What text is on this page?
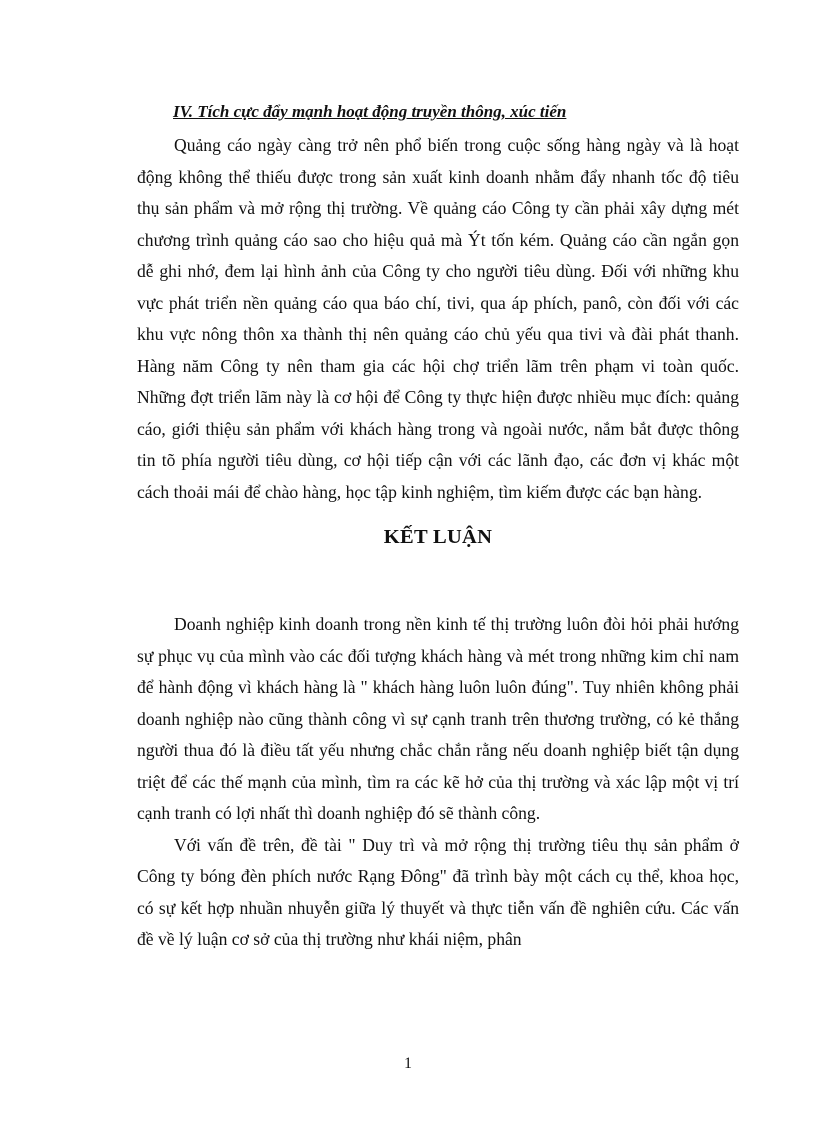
IV. Tích cực đẩy mạnh hoạt động truyền thông, xúc tiến

Quảng cáo ngày càng trở nên phổ biến trong cuộc sống hàng ngày và là hoạt động không thể thiếu được trong sản xuất kinh doanh nhằm đẩy nhanh tốc độ tiêu thụ sản phẩm và mở rộng thị trường. Về quảng cáo Công ty cần phải xây dựng mét chương trình quảng cáo sao cho hiệu quả mà Ýt tốn kém. Quảng cáo cần ngắn gọn dễ ghi nhớ, đem lại hình ảnh của Công ty cho người tiêu dùng. Đối với những khu vực phát triển nền quảng cáo qua báo chí, tivi, qua áp phích, panô, còn đối với các khu vực nông thôn xa thành thị nên quảng cáo chủ yếu qua tivi và đài phát thanh. Hàng năm Công ty nên tham gia các hội chợ triển lãm trên phạm vi toàn quốc. Những đợt triển lãm này là cơ hội để Công ty thực hiện được nhiều mục đích: quảng cáo, giới thiệu sản phẩm với khách hàng trong và ngoài nước, nắm bắt được thông tin tõ phía người tiêu dùng, cơ hội tiếp cận với các lãnh đạo, các đơn vị khác một cách thoải mái để chào hàng, học tập kinh nghiệm, tìm kiếm được các bạn hàng.

KẾT LUẬN

Doanh nghiệp kinh doanh trong nền kinh tế thị trường luôn đòi hỏi phải hướng sự phục vụ của mình vào các đối tượng khách hàng và mét trong những kim chỉ nam để hành động vì khách hàng là " khách hàng luôn luôn đúng". Tuy nhiên không phải doanh nghiệp nào cũng thành công vì sự cạnh tranh trên thương trường, có kẻ thắng người thua đó là điều tất yếu nhưng chắc chắn rằng nếu doanh nghiệp biết tận dụng triệt để các thế mạnh của mình, tìm ra các kẽ hở của thị trường và xác lập một vị trí cạnh tranh có lợi nhất thì doanh nghiệp đó sẽ thành công.

Với vấn đề trên, đề tài " Duy trì và mở rộng thị trường tiêu thụ sản phẩm ở Công ty bóng đèn phích nước Rạng Đông" đã trình bày một cách cụ thể, khoa học, có sự kết hợp nhuần nhuyễn giữa lý thuyết và thực tiễn vấn đề nghiên cứu. Các vấn đề về lý luận cơ sở của thị trường như khái niệm, phân

1
